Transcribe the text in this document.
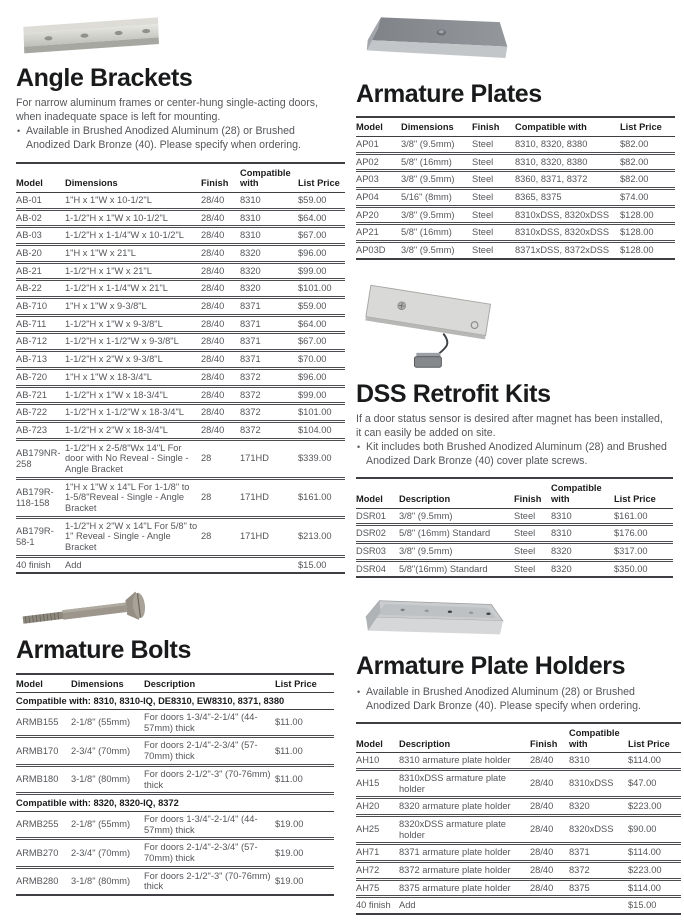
Angle Brackets

For narrow aluminum frames or center-hung single-acting doors, when inadequate space is left for mounting.

• Available in Brushed Anodized Aluminum (28) or Brushed Anodized Dark Bronze (40). Please specify when ordering.
Model	Dimensions	Finish	Compatible with	List Price
AB-01	1"H x 1"W x 10-1/2"L	28/40	8310	$59.00
AB-02	1-1/2"H x 1"W x 10-1/2"L	28/40	8310	$64.00
AB-03	1-1/2"H x 1-1/4"W x 10-1/2"L	28/40	8310	$67.00
AB-20	1"H x 1"W x 21"L	28/40	8320	$96.00
AB-21	1-1/2"H x 1"W x 21"L	28/40	8320	$99.00
AB-22	1-1/2"H x 1-1/4"W x 21"L	28/40	8320	$101.00
AB-710	1"H x 1"W x 9-3/8"L	28/40	8371	$59.00
AB-711	1-1/2"H x 1"W x 9-3/8"L	28/40	8371	$64.00
AB-712	1-1/2"H x 1-1/2"W x 9-3/8"L	28/40	8371	$67.00
AB-713	1-1/2"H x 2"W x 9-3/8"L	28/40	8371	$70.00
AB-720	1"H x 1"W x 18-3/4"L	28/40	8372	$96.00
AB-721	1-1/2"H x 1"W x 18-3/4"L	28/40	8372	$99.00
AB-722	1-1/2"H x 1-1/2"W x 18-3/4"L	28/40	8372	$101.00
AB-723	1-1/2"H x 2"W x 18-3/4"L	28/40	8372	$104.00
AB179NR-258	1-1/2"H x 2-5/8"Wx 14"L For door with No Reveal - Single - Angle Bracket	28	171HD	$339.00
AB179R-118-158	1"H x 1"W x 14"L For 1-1/8" to 1-5/8"Reveal - Single - Angle Bracket	28	171HD	$161.00
AB179R-58-1	1-1/2"H x 2"W x 14"L For 5/8" to 1" Reveal - Single - Angle Bracket	28	171HD	$213.00
40 finish	Add			$15.00
Armature Bolts
Model	Dimensions	Description	List Price
Compatible with: 8310, 8310-IQ, DE8310, EW8310, 8371, 8380			
ARMB155	2-1/8" (55mm)	For doors 1-3/4"-2-1/4" (44-57mm) thick	$11.00
ARMB170	2-3/4" (70mm)	For doors 2-1/4"-2-3/4" (57-70mm) thick	$11.00
ARMB180	3-1/8" (80mm)	For doors 2-1/2"-3" (70-76mm) thick	$11.00
Compatible with: 8320, 8320-IQ, 8372			
ARMB255	2-1/8" (55mm)	For doors 1-3/4"-2-1/4" (44-57mm) thick	$19.00
ARMB270	2-3/4" (70mm)	For doors 2-1/4"-2-3/4" (57-70mm) thick	$19.00
ARMB280	3-1/8" (80mm)	For doors 2-1/2"-3" (70-76mm) thick	$19.00
Armature Plates
Model	Dimensions	Finish	Compatible with	List Price
AP01	3/8" (9.5mm)	Steel	8310, 8320, 8380	$82.00
AP02	5/8" (16mm)	Steel	8310, 8320, 8380	$82.00
AP03	3/8" (9.5mm)	Steel	8360, 8371, 8372	$82.00
AP04	5/16" (8mm)	Steel	8365, 8375	$74.00
AP20	3/8" (9.5mm)	Steel	8310xDSS, 8320xDSS	$128.00
AP21	5/8" (16mm)	Steel	8310xDSS, 8320xDSS	$128.00
AP03D	3/8" (9.5mm)	Steel	8371xDSS, 8372xDSS	$128.00
DSS Retrofit Kits

If a door status sensor is desired after magnet has been installed, it can easily be added on site.

• Kit includes both Brushed Anodized Aluminum (28) and Brushed Anodized Dark Bronze (40) cover plate screws.
Model	Description	Finish	Compatible with	List Price
DSR01	3/8" (9.5mm)	Steel	8310	$161.00
DSR02	5/8" (16mm) Standard	Steel	8310	$176.00
DSR03	3/8" (9.5mm)	Steel	8320	$317.00
DSR04	5/8"(16mm) Standard	Steel	8320	$350.00
Armature Plate Holders
• Available in Brushed Anodized Aluminum (28) or Brushed Anodized Dark Bronze (40). Please specify when ordering.
Model	Description	Finish	Compatible with	List Price
AH10	8310 armature plate holder	28/40	8310	$114.00
AH15	8310xDSS armature plate holder	28/40	8310xDSS	$47.00
AH20	8320 armature plate holder	28/40	8320	$223.00
AH25	8320xDSS armature plate holder	28/40	8320xDSS	$90.00
AH71	8371 armature plate holder	28/40	8371	$114.00
AH72	8372 armature plate holder	28/40	8372	$223.00
AH75	8375 armature plate holder	28/40	8375	$114.00
40 finish	Add			$15.00
